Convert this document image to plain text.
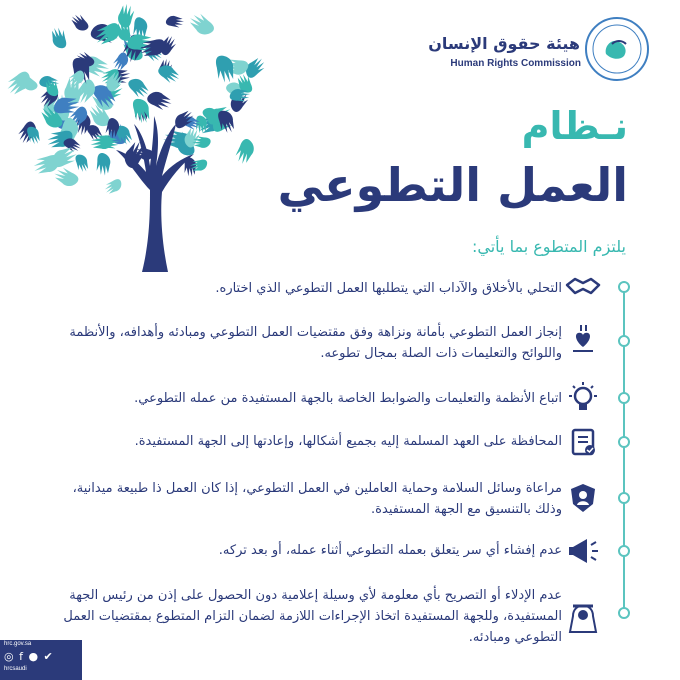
هيئة حقوق الإنسان
Human Rights Commission
نـظام
العمل التطوعي
يلتزم المتطوع بما يأتي:
التحلي بالأخلاق والآداب التي يتطلبها العمل التطوعي الذي اختاره.
إنجاز العمل التطوعي بأمانة ونزاهة وفق مقتضيات العمل التطوعي ومبادئه وأهدافه، والأنظمة واللوائح والتعليمات ذات الصلة بمجال تطوعه.
اتباع الأنظمة والتعليمات والضوابط الخاصة بالجهة المستفيدة من عمله التطوعي.
المحافظة على العهد المسلمة إليه بجميع أشكالها، وإعادتها إلى الجهة المستفيدة.
مراعاة وسائل السلامة وحماية العاملين في العمل التطوعي، إذا كان العمل ذا طبيعة ميدانية، وذلك بالتنسيق مع الجهة المستفيدة.
عدم إفشاء أي سر يتعلق بعمله التطوعي أثناء عمله، أو بعد تركه.
عدم الإدلاء أو التصريح بأي معلومة لأي وسيلة إعلامية دون الحصول على إذن من رئيس الجهة المستفيدة، وللجهة المستفيدة اتخاذ الإجراءات اللازمة لضمان التزام المتطوع بمقتضيات العمل التطوعي ومبادئه.
hrc.gov.sa
◎ f ● ✔
hrcsaudi
